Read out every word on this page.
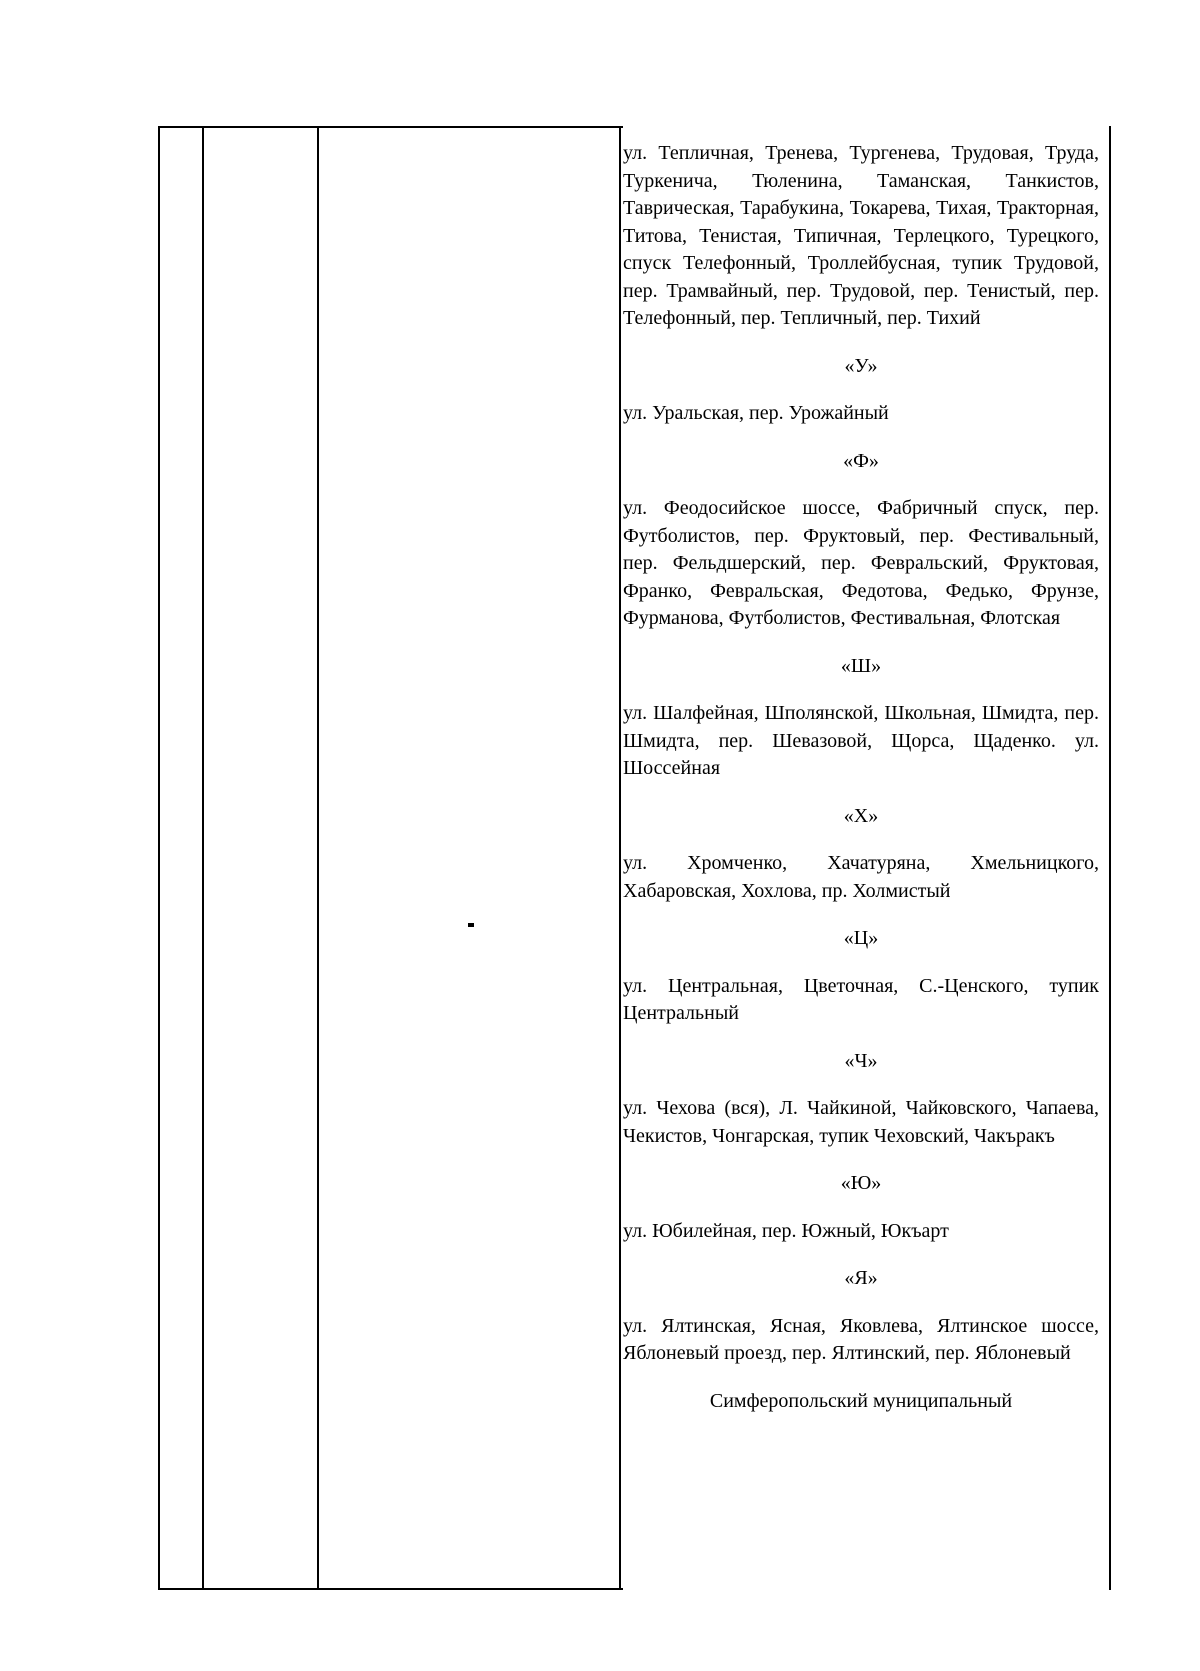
ул. Тепличная, Тренева, Тургенева, Трудовая, Труда, Туркенича, Тюленина, Таманская, Танкистов, Таврическая, Тарабукина, Токарева, Тихая, Тракторная, Титова, Тенистая, Типичная, Терлецкого, Турецкого, спуск Телефонный, Троллейбусная, тупик Трудовой, пер. Трамвайный, пер. Трудовой, пер. Тенистый, пер. Телефонный, пер. Тепличный, пер. Тихий

«У»

ул. Уральская, пер. Урожайный

«Ф»

ул. Феодосийское шоссе, Фабричный спуск, пер. Футболистов, пер. Фруктовый, пер. Фестивальный, пер. Фельдшерский, пер. Февральский, Фруктовая, Франко, Февральская, Федотова, Федько, Фрунзе, Фурманова, Футболистов, Фестивальная, Флотская

«Ш»

ул. Шалфейная, Шполянской, Школьная, Шмидта, пер. Шмидта, пер. Шевазовой, Щорса, Щаденко. ул. Шоссейная

«Х»

ул. Хромченко, Хачатуряна, Хмельницкого, Хабаровская, Хохлова, пр. Холмистый

«Ц»

ул. Центральная, Цветочная, С.-Ценского, тупик Центральный

«Ч»

ул. Чехова (вся), Л. Чайкиной, Чайковского, Чапаева, Чекистов, Чонгарская, тупик Чеховский, Чакъракъ

«Ю»

ул. Юбилейная, пер. Южный, Юкъарт

«Я»

ул. Ялтинская, Ясная, Яковлева, Ялтинское шоссе, Яблоневый проезд, пер. Ялтинский, пер. Яблоневый

Симферопольский муниципальный
